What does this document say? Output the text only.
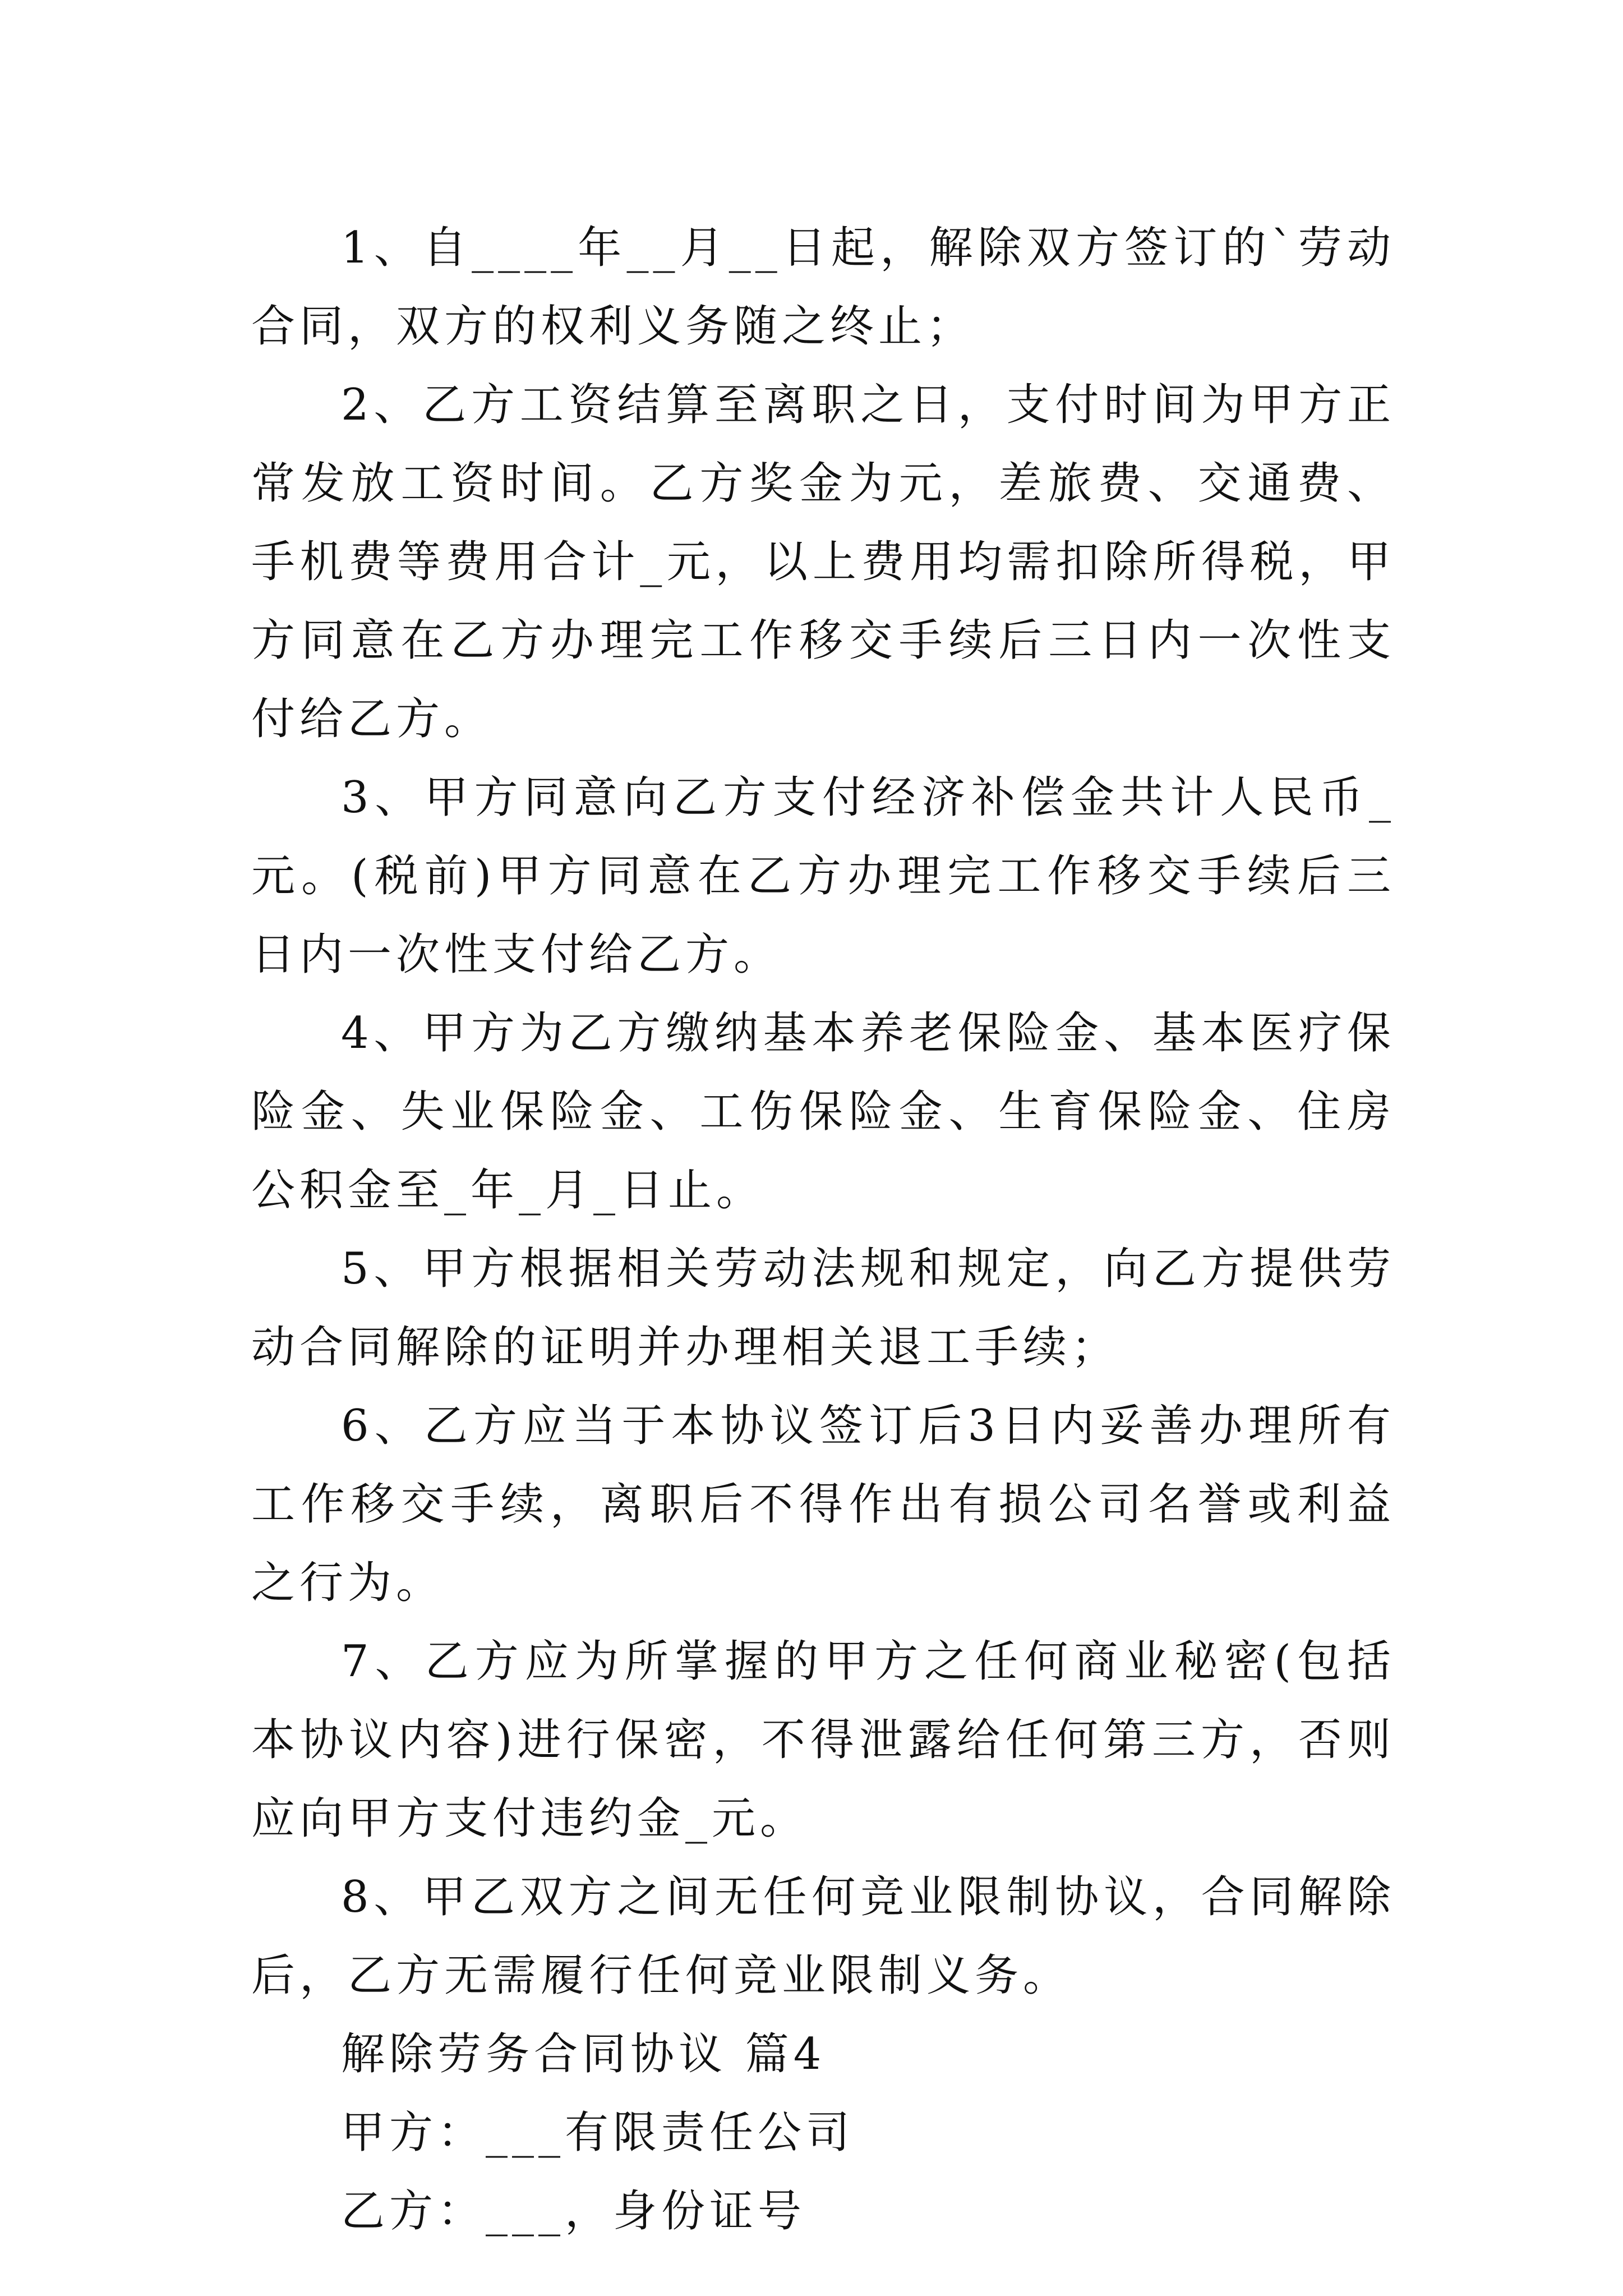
1、自____年__月__日起，解除双方签订的`劳动合同，双方的权利义务随之终止；

2、乙方工资结算至离职之日，支付时间为甲方正常发放工资时间。乙方奖金为元，差旅费、交通费、手机费等费用合计_元，以上费用均需扣除所得税，甲方同意在乙方办理完工作移交手续后三日内一次性支付给乙方。

3、甲方同意向乙方支付经济补偿金共计人民币_元。(税前)甲方同意在乙方办理完工作移交手续后三日内一次性支付给乙方。

4、甲方为乙方缴纳基本养老保险金、基本医疗保险金、失业保险金、工伤保险金、生育保险金、住房公积金至_年_月_日止。

5、甲方根据相关劳动法规和规定，向乙方提供劳动合同解除的证明并办理相关退工手续；

6、乙方应当于本协议签订后3日内妥善办理所有工作移交手续，离职后不得作出有损公司名誉或利益之行为。

7、乙方应为所掌握的甲方之任何商业秘密(包括本协议内容)进行保密，不得泄露给任何第三方，否则应向甲方支付违约金_元。

8、甲乙双方之间无任何竞业限制协议，合同解除后，乙方无需履行任何竞业限制义务。

解除劳务合同协议 篇4

甲方：___有限责任公司

乙方：___，身份证号
